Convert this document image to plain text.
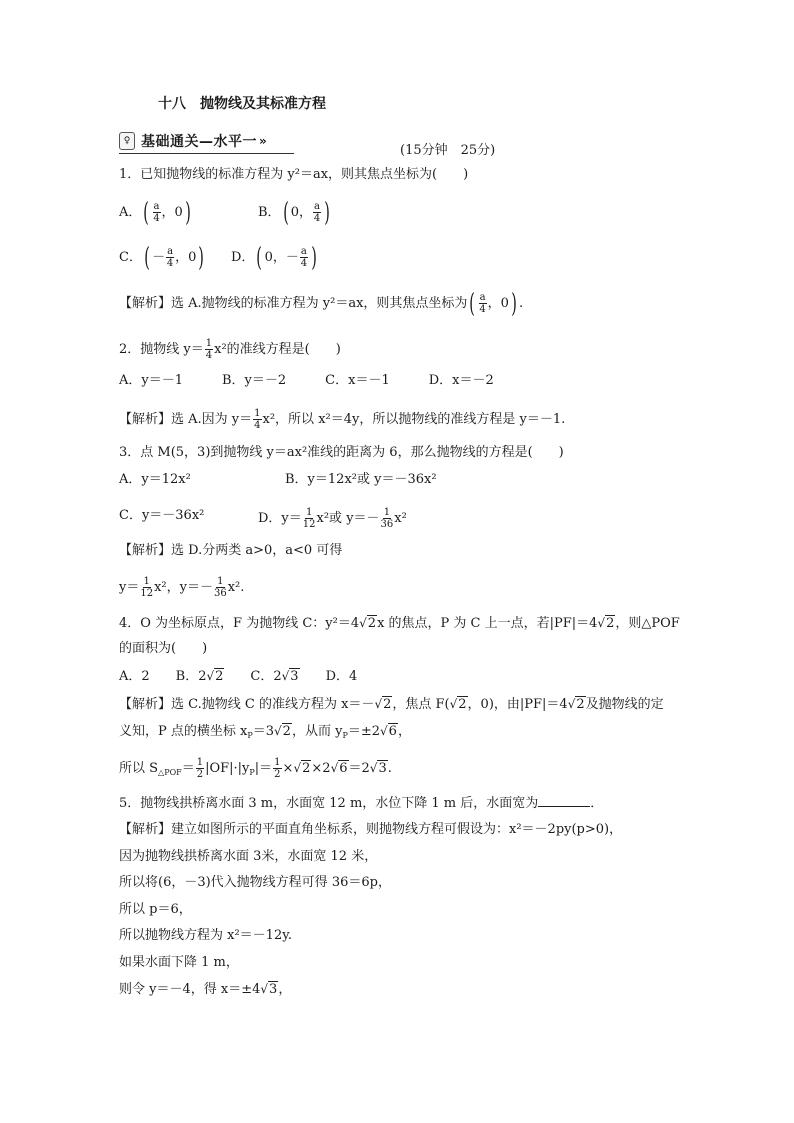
十八　抛物线及其标准方程
♀ 基础通关—水平一 »
(15分钟　25分)
1．已知抛物线的标准方程为 y²＝ax，则其焦点坐标为(　　)
A．( $\frac{a}{4}$ ，0)	B．( 0， $\frac{a}{4}$ )
C．( － $\frac{a}{4}$ ，0) D．( 0，－ $\frac{a}{4}$ )
【解析】选 A.抛物线的标准方程为 y²＝ax，则其焦点坐标为( $\frac{a}{4}$ ，0) .
2．抛物线 $y= \frac{1}{4} x^2$的准线方程是(　　)
A．y＝－1　　　B．y＝－2　　　C．x＝－1　　　D．x＝－2
【解析】选 A.因为 $y= \frac{1}{4} x^2$，所以 x²＝4y，所以抛物线的准线方程是 y＝－1.
3．点 M(5，3)到抛物线 y＝ax²准线的距离为 6，那么抛物线的方程是(　　)
A．y＝12x²	B．y＝12x²或 y＝－36x²
C．y＝－36x²	D．$y= \frac{1}{12} x^2$或 $y=- \frac{1}{36} x^2$
【解析】选 D.分两类 a>0，a<0 可得
$y= \frac{1}{12} x^2$，$y=- \frac{1}{36} x^2$.
4．O 为坐标原点，F 为抛物线 C：y²＝4√2x 的焦点，P 为 C 上一点，若|PF|＝4√2，则△POF
的面积为(　　)
A．2　　B．2√2　　C．2√3　　D．4
【解析】选 C.抛物线 C 的准线方程为 x＝－√2，焦点 F(√2，0)，由|PF|＝4√2及抛物线的定
义知，P 点的横坐标 $x_P=3√2$，从而 $y_P=\pm 2√6$，
所以 $S_{\triangle POF}= \frac{1}{2} |OF|\cdot|y_P|= \frac{1}{2} \times√2\times 2√6=2√3$.
5．抛物线拱桥离水面 3 m，水面宽 12 m，水位下降 1 m 后，水面宽为	．
【解析】建立如图所示的平面直角坐标系，则抛物线方程可假设为：x²＝－2py(p>0)，
因为抛物线拱桥离水面 3米，水面宽 12 米，
所以将(6，－3)代入抛物线方程可得 36＝6p，
所以 p＝6，
所以抛物线方程为 x²＝－12y.
如果水面下降 1 m，
则令 y＝－4，得 x＝±4√3，
